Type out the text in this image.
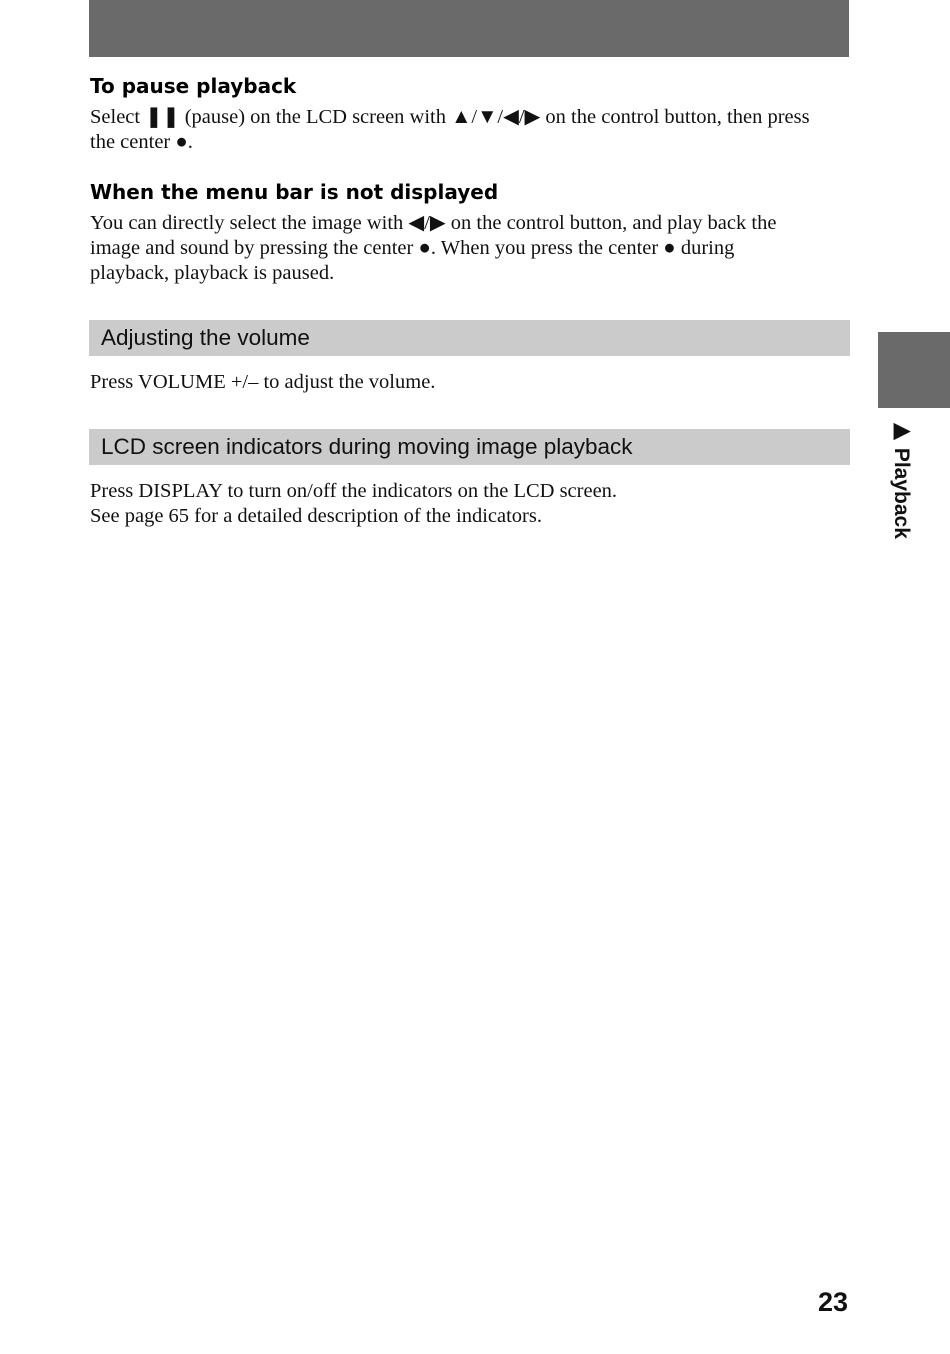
To pause playback

Select ❚❚ (pause) on the LCD screen with ▲/▼/◀/▶ on the control button, then press
the center ●.

When the menu bar is not displayed

You can directly select the image with ◀/▶ on the control button, and play back the
image and sound by pressing the center ●. When you press the center ● during
playback, playback is paused.

Adjusting the volume

Press VOLUME +/– to adjust the volume.

LCD screen indicators during moving image playback

Press DISPLAY to turn on/off the indicators on the LCD screen.
See page 65 for a detailed description of the indicators.	▶ Playback
23
